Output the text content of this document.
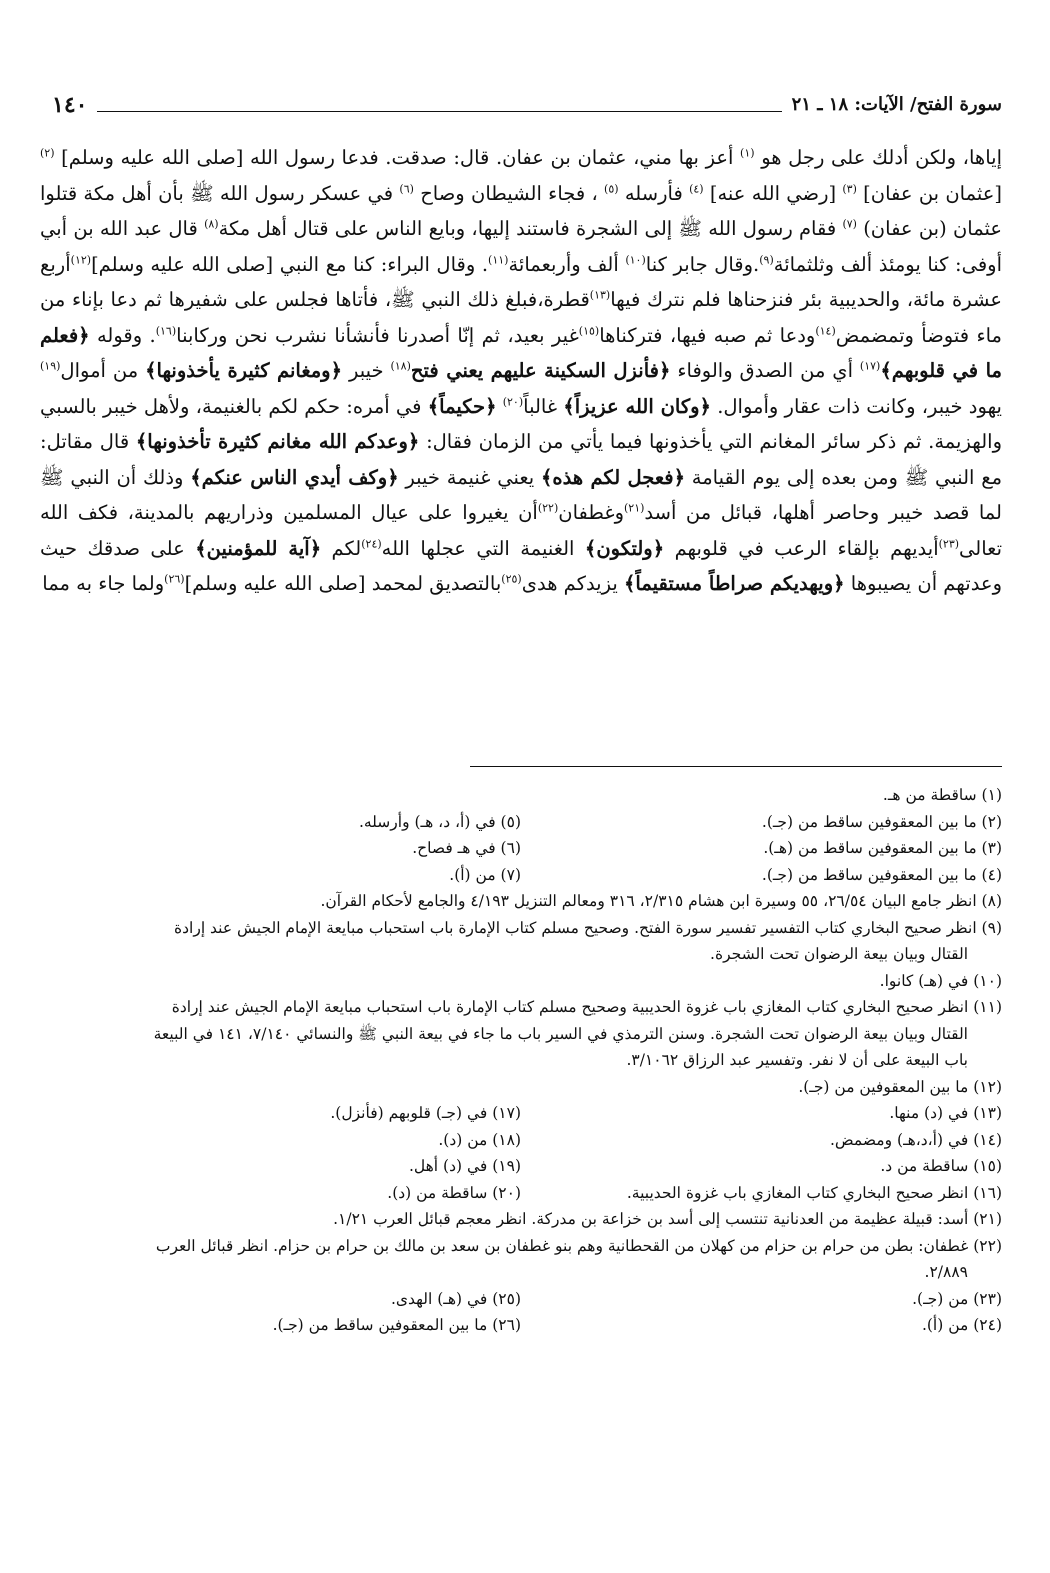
١٤٠	سورة الفتح/ الآيات: ١٨ ـ ٢١

إياها، ولكن أدلك على رجل هو $^{(١)}$ أعز بها مني، عثمان بن عفان. قال: صدقت. فدعا رسول الله [صلى الله عليه وسلم] $^{(٢)}$ [عثمان بن عفان] $^{(٣)}$ [رضي الله عنه] $^{(٤)}$ فأرسله $^{(٥)}$ ، فجاء الشيطان وصاح $^{(٦)}$ في عسكر رسول الله ﷺ بأن أهل مكة قتلوا عثمان (بن عفان) $^{(٧)}$ فقام رسول الله ﷺ إلى الشجرة فاستند إليها، وبايع الناس على قتال أهل مكة$^{(٨)}$ قال عبد الله بن أبي أوفى: كنا يومئذ ألف وثلثمائة$^{(٩)}$.وقال جابر كنا$^{(١٠)}$ ألف وأربعمائة$^{(١١)}$. وقال البراء: كنا مع النبي [صلى الله عليه وسلم]$^{(١٢)}$أربع عشرة مائة، والحديبية بئر فنزحناها فلم نترك فيها$^{(١٣)}$قطرة،فبلغ ذلك النبي ﷺ، فأتاها فجلس على شفيرها ثم دعا بإناء من ماء فتوضأ وتمضمض$^{(١٤)}$ودعا ثم صبه فيها، فتركناها$^{(١٥)}$غير بعيد، ثم إنّا أصدرنا فأنشأنا نشرب نحن وركابنا$^{(١٦)}$. وقوله ﴿فعلم ما في قلوبهم﴾$^{(١٧)}$ أي من الصدق والوفاء ﴿فأنزل السكينة عليهم يعني فتح$^{(١٨)}$ خيبر ﴿ومغانم كثيرة يأخذونها﴾ من أموال$^{(١٩)}$ يهود خيبر، وكانت ذات عقار وأموال. ﴿وكان الله عزيزاً﴾ غالباً$^{(٢٠)}$ ﴿حكيماً﴾ في أمره: حكم لكم بالغنيمة، ولأهل خيبر بالسبي والهزيمة. ثم ذكر سائر المغانم التي يأخذونها فيما يأتي من الزمان فقال: ﴿وعدكم الله مغانم كثيرة تأخذونها﴾ قال مقاتل: مع النبي ﷺ ومن بعده إلى يوم القيامة ﴿فعجل لكم هذه﴾ يعني غنيمة خيبر ﴿وكف أيدي الناس عنكم﴾ وذلك أن النبي ﷺ لما قصد خيبر وحاصر أهلها، قبائل من أسد$^{(٢١)}$وغطفان$^{(٢٢)}$أن يغيروا على عيال المسلمين وذراريهم بالمدينة، فكف الله تعالى$^{(٢٣)}$أيديهم بإلقاء الرعب في قلوبهم ﴿ولتكون﴾ الغنيمة التي عجلها الله$^{(٢٤)}$لكم ﴿آية للمؤمنين﴾ على صدقك حيث وعدتهم أن يصيبوها ﴿ويهديكم صراطاً مستقيماً﴾ يزيدكم هدى$^{(٢٥)}$بالتصديق لمحمد [صلى الله عليه وسلم]$^{(٢٦)}$ولما جاء به مما

(١) ساقطة من هـ.
(٢) ما بين المعقوفين ساقط من (جـ).
(٥) في (أ، د، هـ) وأرسله.
(٣) ما بين المعقوفين ساقط من (هـ).
(٦) في هـ فصاح.
(٤) ما بين المعقوفين ساقط من (جـ).
(٧) من (أ).
(٨) انظر جامع البيان ٢٦/٥٤، ٥٥ وسيرة ابن هشام ٢/٣١٥، ٣١٦ ومعالم التنزيل ٤/١٩٣ والجامع لأحكام القرآن.
(٩) انظر صحيح البخاري كتاب التفسير تفسير سورة الفتح. وصحيح مسلم كتاب الإمارة باب استحباب مبايعة الإمام الجيش عند إرادة
القتال وبيان بيعة الرضوان تحت الشجرة.
(١٠) في (هـ) كانوا.
(١١) انظر صحيح البخاري كتاب المغازي باب غزوة الحديبية وصحيح مسلم كتاب الإمارة باب استحباب مبايعة الإمام الجيش عند إرادة
القتال وبيان بيعة الرضوان تحت الشجرة. وسنن الترمذي في السير باب ما جاء في بيعة النبي ﷺ والنسائي ٧/١٤٠، ١٤١ في البيعة
باب البيعة على أن لا نفر. وتفسير عبد الرزاق ٣/١٠٦٢.
(١٢) ما بين المعقوفين من (جـ).
(١٣) في (د) منها.
(١٧) في (جـ) قلوبهم (فأنزل).
(١٤) في (أ،د،هـ) ومضمض.
(١٨) من (د).
(١٥) ساقطة من د.
(١٩) في (د) أهل.
(١٦) انظر صحيح البخاري كتاب المغازي باب غزوة الحديبية.
(٢٠) ساقطة من (د).
(٢١) أسد: قبيلة عظيمة من العدنانية تنتسب إلى أسد بن خزاعة بن مدركة. انظر معجم قبائل العرب ١/٢١.
(٢٢) غطفان: بطن من حرام بن حزام من كهلان من القحطانية وهم بنو غطفان بن سعد بن مالك بن حرام بن حزام. انظر قبائل العرب
٢/٨٨٩.
(٢٣) من (جـ).
(٢٥) في (هـ) الهدى.
(٢٤) من (أ).
(٢٦) ما بين المعقوفين ساقط من (جـ).
